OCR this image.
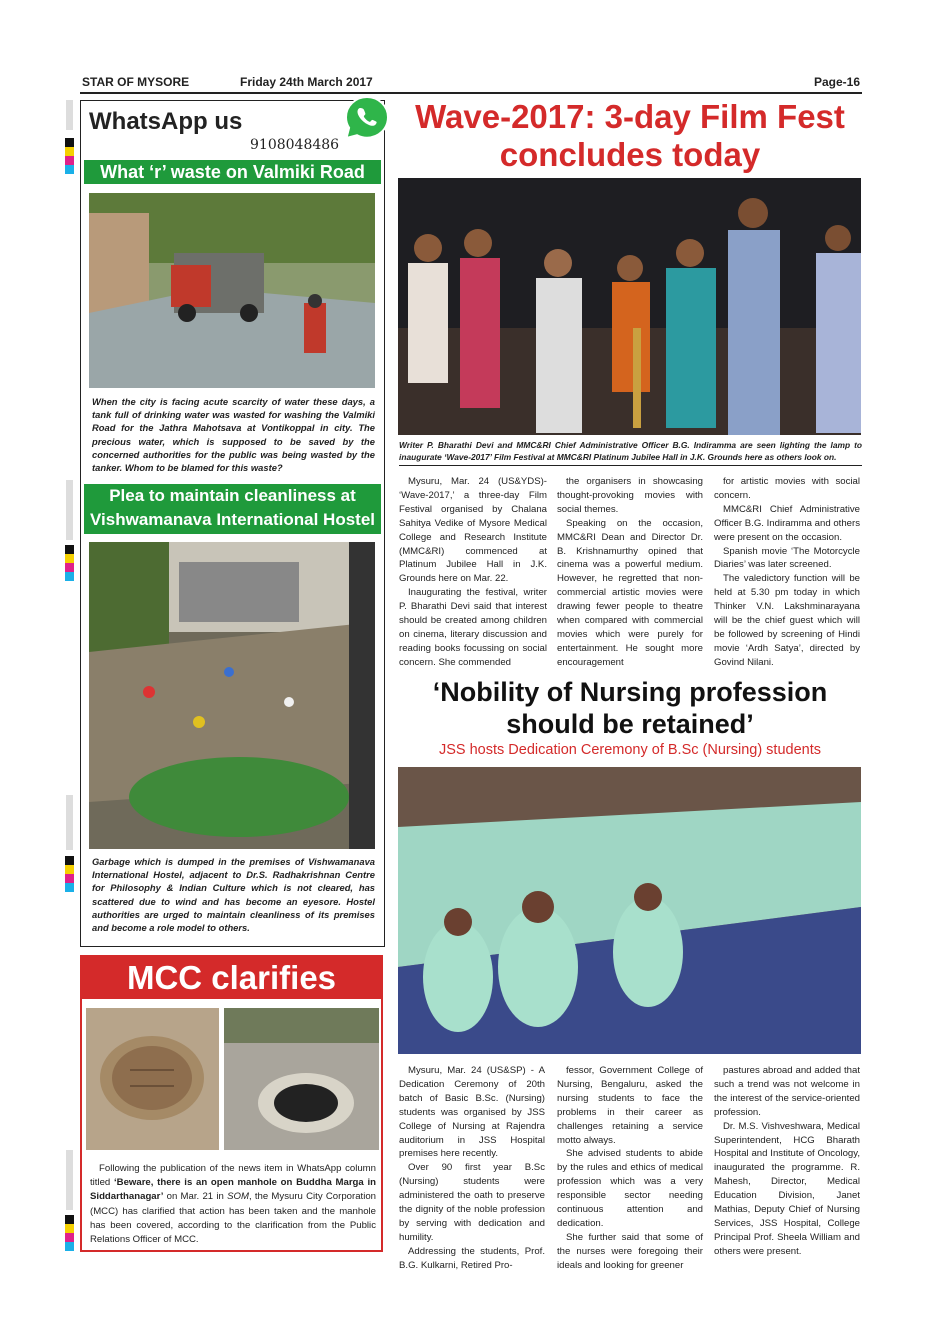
STAR OF MYSORE	Friday 24th March 2017	Page-16
WhatsApp us
9108048486
What ‘r’ waste on Valmiki Road
When the city is facing acute scarcity of water these days, a tank full of drinking water was wasted for washing the Valmiki Road for the Jathra Mahotsava at Vontikoppal in city. The precious water, which is supposed to be saved by the concerned authorities for the public was being wasted by the tanker. Whom to be blamed for this waste?
Plea to maintain cleanliness at
Vishwamanava International Hostel
Garbage which is dumped in the premises of Vishwamanava International Hostel, adjacent to Dr.S. Radhakrishnan Centre for Philosophy & Indian Culture which is not cleared, has scattered due to wind and has become an eyesore. Hostel authorities are urged to maintain cleanliness of its premises and become a role model to others.
MCC clarifies
Following the publication of the news item in WhatsApp column titled ‘Beware, there is an open manhole on Buddha Marga in Siddarthanagar’ on Mar. 21 in SOM, the Mysuru City Corporation (MCC) has clarified that action has been taken and the manhole has been covered, according to the clarification from the Public Relations Officer of MCC.
Wave-2017: 3-day Film Fest
concludes today
Writer P. Bharathi Devi and MMC&RI Chief Administrative Officer B.G. Indiramma are seen lighting the lamp to inaugurate ‘Wave-2017’ Film Festival at MMC&RI Platinum Jubilee Hall in J.K. Grounds here as others look on.

Mysuru, Mar. 24 (US&YDS)- ‘Wave-2017,’ a three-day Film Festival organised by Chalana Sahitya Vedike of Mysore Medical College and Research Institute (MMC&RI) commenced at Platinum Jubilee Hall in J.K. Grounds here on Mar. 22.

Inaugurating the festival, writer P. Bharathi Devi said that interest should be created among children on cinema, literary discussion and reading books focussing on social concern. She commended

the organisers in showcasing thought-provoking movies with social themes.

Speaking on the occasion, MMC&RI Dean and Director Dr. B. Krishnamurthy opined that cinema was a powerful medium. However, he regretted that non-commercial artistic movies were drawing fewer people to theatre when compared with commercial movies which were purely for entertainment. He sought more encouragement

for artistic movies with social concern.

MMC&RI Chief Administrative Officer B.G. Indiramma and others were present on the occasion.

Spanish movie ‘The Motorcycle Diaries’ was later screened.

The valedictory function will be held at 5.30 pm today in which Thinker V.N. Lakshminarayana will be the chief guest which will be followed by screening of Hindi movie ‘Ardh Satya’, directed by Govind Nilani.

‘Nobility of Nursing profession
should be retained’
JSS hosts Dedication Ceremony of B.Sc (Nursing) students

Mysuru, Mar. 24 (US&SP) - A Dedication Ceremony of 20th batch of Basic B.Sc. (Nursing) students was organised by JSS College of Nursing at Rajendra auditorium in JSS Hospital premises here recently.

Over 90 first year B.Sc (Nursing) students were administered the oath to preserve the dignity of the noble profession by serving with dedication and humility.

Addressing the students, Prof. B.G. Kulkarni, Retired Pro-

fessor, Government College of Nursing, Bengaluru, asked the nursing students to face the problems in their career as challenges retaining a service motto always.

She advised students to abide by the rules and ethics of medical profession which was a very responsible sector needing continuous attention and dedication.

She further said that some of the nurses were foregoing their ideals and looking for greener

pastures abroad and added that such a trend was not welcome in the interest of the service-oriented profession.

Dr. M.S. Vishveshwara, Medical Superintendent, HCG Bharath Hospital and Institute of Oncology, inaugurated the programme. R. Mahesh, Director, Medical Education Division, Janet Mathias, Deputy Chief of Nursing Services, JSS Hospital, College Principal Prof. Sheela William and others were present.
